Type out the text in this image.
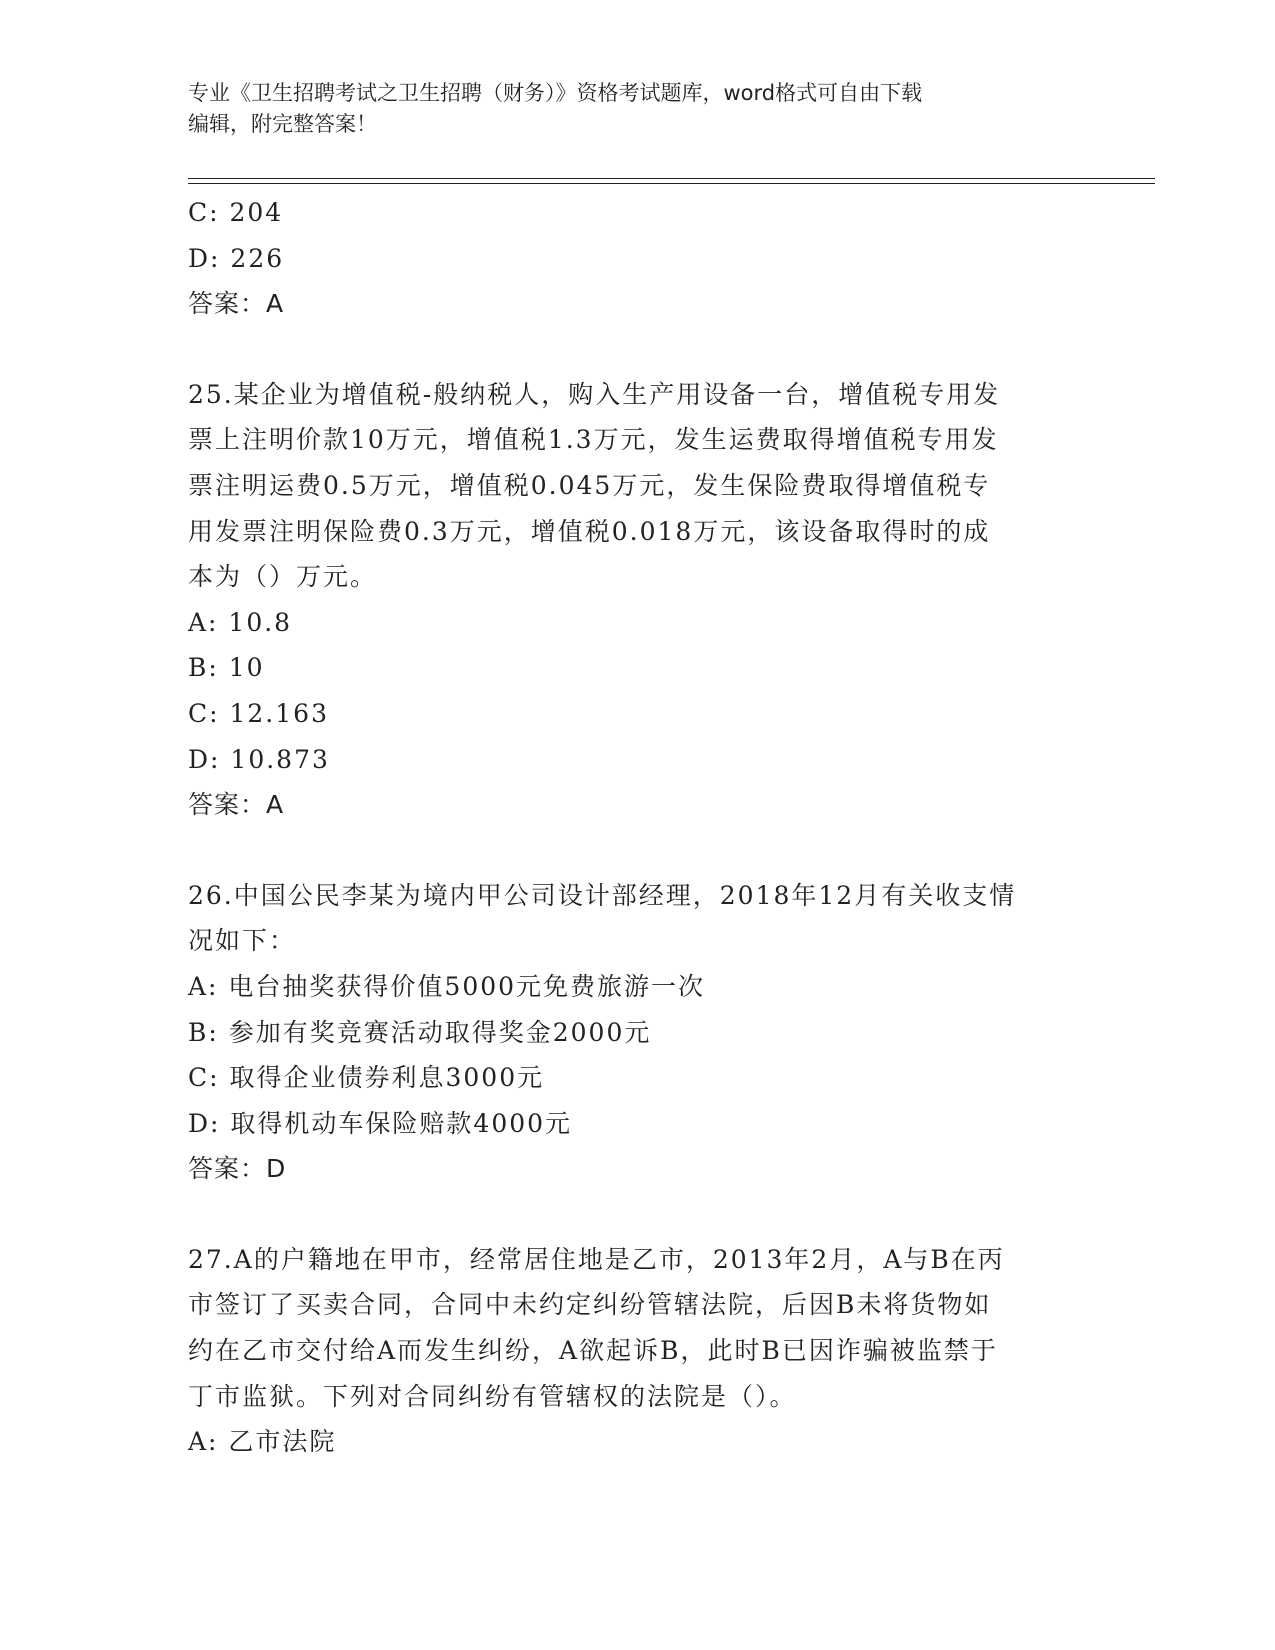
专业《卫生招聘考试之卫生招聘（财务）》资格考试题库，word格式可自由下载
编辑，附完整答案！
C: 204
D: 226
答案：A
25.某企业为增值税-般纳税人，购入生产用设备一台，增值税专用发
票上注明价款10万元，增值税1.3万元，发生运费取得增值税专用发
票注明运费0.5万元，增值税0.045万元，发生保险费取得增值税专
用发票注明保险费0.3万元，增值税0.018万元，该设备取得时的成
本为（）万元。
A: 10.8
B: 10
C: 12.163
D: 10.873
答案：A
26.中国公民李某为境内甲公司设计部经理，2018年12月有关收支情
况如下：
A: 电台抽奖获得价值5000元免费旅游一次
B: 参加有奖竞赛活动取得奖金2000元
C: 取得企业债券利息3000元
D: 取得机动车保险赔款4000元
答案：D
27.A的户籍地在甲市，经常居住地是乙市，2013年2月，A与B在丙
市签订了买卖合同，合同中未约定纠纷管辖法院，后因B未将货物如
约在乙市交付给A而发生纠纷，A欲起诉B，此时B已因诈骗被监禁于
丁市监狱。下列对合同纠纷有管辖权的法院是（）。
A: 乙市法院
